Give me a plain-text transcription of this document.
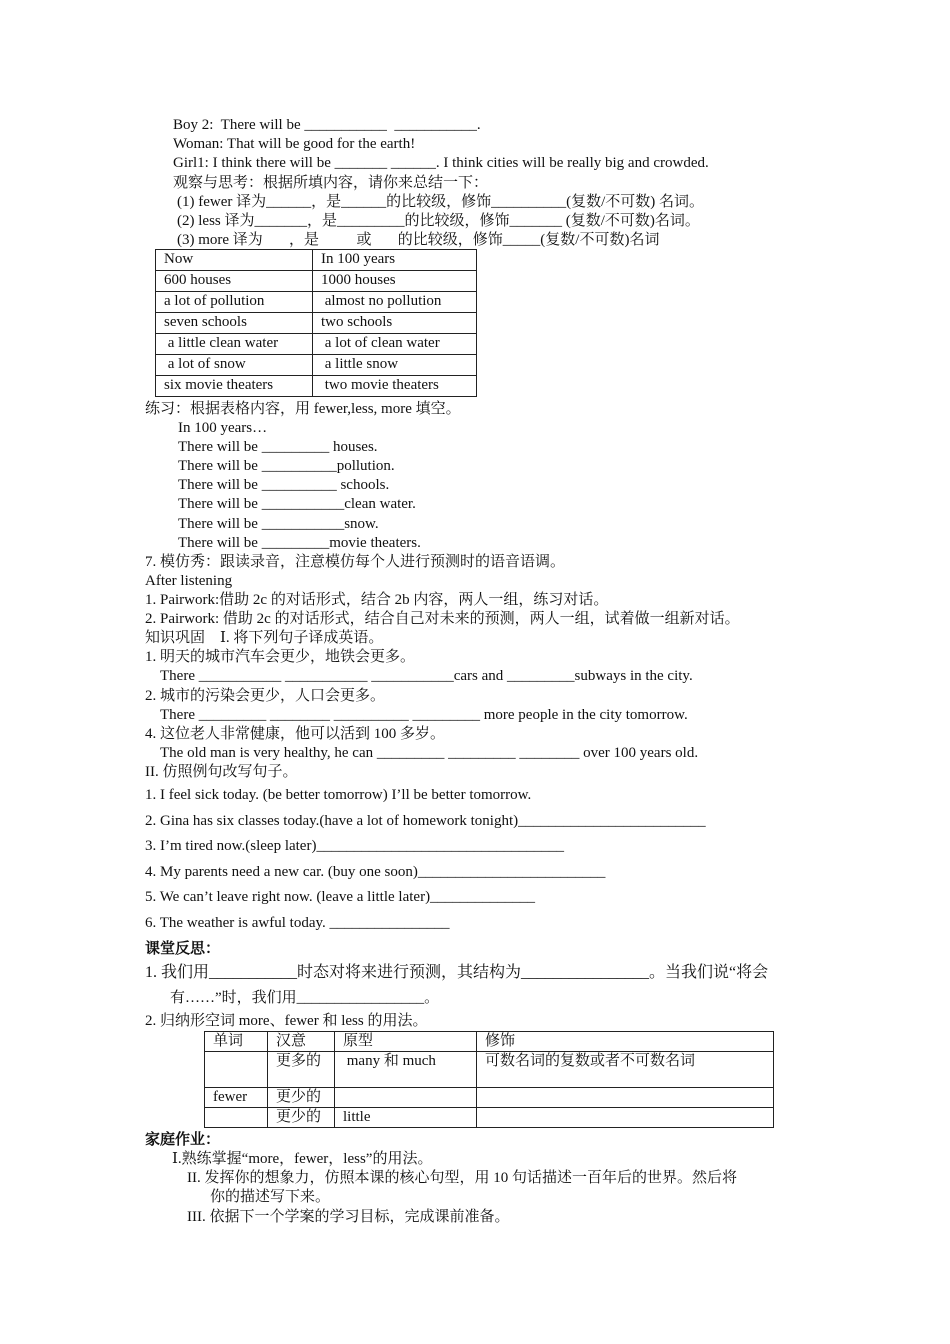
Boy 2:  There will be ___________  ___________.
Woman: That will be good for the earth!
Girl1: I think there will be _______ ______. I think cities will be really big and crowded.
观察与思考：根据所填内容，请你来总结一下：
(1) fewer 译为______，是______的比较级，修饰__________(复数/不可数) 名词。
(2) less 译为_______，是_________的比较级，修饰_______ (复数/不可数)名词。
(3) more 译为       ，是          或       的比较级，修饰_____(复数/不可数)名词
Now	In 100 years
600 houses	1000 houses
a lot of pollution	almost no pollution
seven schools	two schools
a little clean water	a lot of clean water
a lot of snow	a little snow
six movie theaters	two movie theaters
练习：根据表格内容，用 fewer,less, more 填空。
In 100 years…
There will be _________ houses.
There will be __________pollution.
There will be __________ schools.
There will be ___________clean water.
There will be ___________snow.
There will be _________movie theaters.
7. 模仿秀：跟读录音，注意模仿每个人进行预测时的语音语调。
After listening
1. Pairwork:借助 2c 的对话形式，结合 2b 内容，两人一组，练习对话。
2. Pairwork: 借助 2c 的对话形式，结合自己对未来的预测，两人一组，试着做一组新对话。
知识巩固    Ⅰ. 将下列句子译成英语。
1. 明天的城市汽车会更少，地铁会更多。
There ___________ ___________ ___________cars and _________subways in the city.
2. 城市的污染会更少，人口会更多。
There _________ ________ __________ _________ more people in the city tomorrow.
4. 这位老人非常健康，他可以活到 100 多岁。
The old man is very healthy, he can _________ _________ ________ over 100 years old.
II. 仿照例句改写句子。
1. I feel sick today. (be better tomorrow) I’ll be better tomorrow.
2. Gina has six classes today.(have a lot of homework tonight)_________________________
3. I’m tired now.(sleep later)_________________________________
4. My parents need a new car. (buy one soon)_________________________
5. We can’t leave right now. (leave a little later)______________
6. The weather is awful today. ________________
课堂反思：
1. 我们用___________时态对将来进行预测，其结构为________________。当我们说“将会
有……”时，我们用_________________。
2. 归纳形空词 more、fewer 和 less 的用法。
单词	汉意	原型	修饰
	更多的	many 和 much	可数名词的复数或者不可数名词
fewer	更少的		
	更少的	little	
家庭作业：
Ⅰ.熟练掌握“more，fewer，less”的用法。
II. 发挥你的想象力，仿照本课的核心句型，用 10 句话描述一百年后的世界。然后将
你的描述写下来。
III. 依据下一个学案的学习目标，完成课前准备。
